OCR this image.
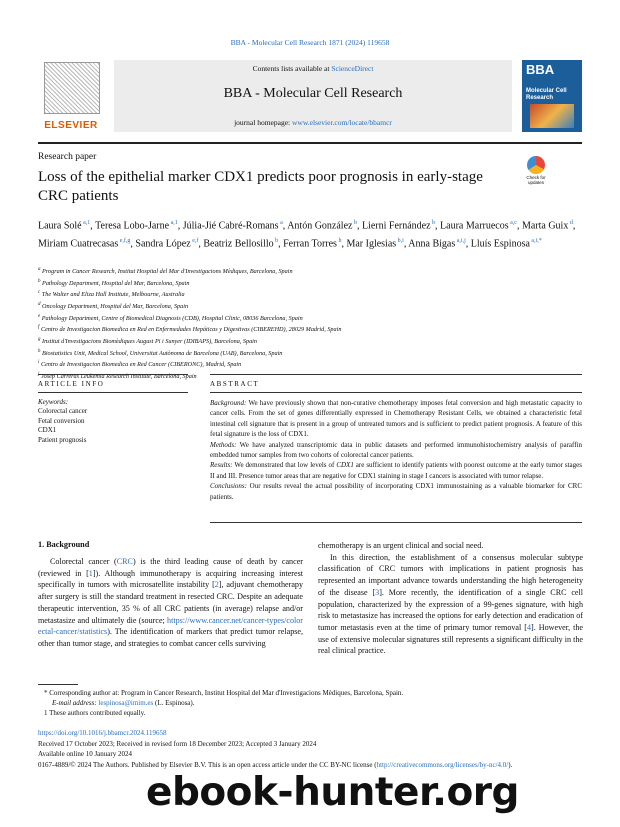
BBA - Molecular Cell Research 1871 (2024) 119658
ELSEVIER
Contents lists available at ScienceDirect
BBA - Molecular Cell Research
journal homepage: www.elsevier.com/locate/bbamcr
BBA
Molecular Cell Research
Research paper
Loss of the epithelial marker CDX1 predicts poor prognosis in early-stage CRC patients
Check for updates
Laura Solé $^{a,1}$, Teresa Lobo-Jarne $^{a,1}$, Júlia-Jié Cabré-Romans $^a$, Antón González $^b$, Lierni Fernández $^b$, Laura Marruecos $^{a,c}$, Marta Guix $^d$, Miriam Cuatrecasas $^{e,f,g}$, Sandra López $^{e,f}$, Beatriz Bellosillo $^b$, Ferran Torres $^h$, Mar Iglesias $^{b,i}$, Anna Bigas $^{a,i,j}$, Lluís Espinosa $^{a,i,*}$
$^a$ Program in Cancer Research, Institut Hospital del Mar d'Investigacions Mèdiques, Barcelona, Spain
$^b$ Pathology Department, Hospital del Mar, Barcelona, Spain
$^c$ The Walter and Eliza Hall Institute, Melbourne, Australia
$^d$ Oncology Department, Hospital del Mar, Barcelona, Spain
$^e$ Pathology Department, Centre of Biomedical Diagnosis (CDB), Hospital Clinic, 08036 Barcelona, Spain
$^f$ Centro de Investigacion Biomedica en Red en Enfermedades Hepáticas y Digestivas (CIBEREHD), 28029 Madrid, Spain
$^g$ Institut d'Investigacions Biomèdiques August Pi i Sunyer (IDIBAPS), Barcelona, Spain
$^h$ Biostatistics Unit, Medical School, Universitat Autònoma de Barcelona (UAB), Barcelona, Spain
$^i$ Centro de Investigacion Biomedica en Red Cancer (CIBERONC), Madrid, Spain
Josep Carreras Leukemia Research Institute, Barcelona, Spain
ARTICLE INFO	ABSTRACT
Keywords:
Colorectal cancer
Fetal conversion
CDX1
Patient prognosis
Background: We have previously shown that non-curative chemotherapy imposes fetal conversion and high metastatic capacity to cancer cells. From the set of genes differentially expressed in Chemotherapy Resistant Cells, we obtained a characteristic fetal intestinal cell signature that is present in a group of untreated tumors and is sufficient to predict patient prognosis. A feature of this fetal signature is the loss of CDX1.
Methods: We have analyzed transcriptomic data in public datasets and performed immunohistochemistry analysis of paraffin embedded tumor samples from two cohorts of colorectal cancer patients.
Results: We demonstrated that low levels of CDX1 are sufficient to identify patients with poorest outcome at the early tumor stages II and III. Presence tumor areas that are negative for CDX1 staining in stage I cancers is associated with tumor relapse.
Conclusions: Our results reveal the actual possibility of incorporating CDX1 immunostaining as a valuable biomarker for CRC patients.
1. Background

Colorectal cancer (CRC) is the third leading cause of death by cancer (reviewed in [1]). Although immunotherapy is acquiring increasing interest specifically in tumors with microsatellite instability [2], adjuvant chemotherapy after surgery is still the standard treatment in resected CRC. Despite an adequate therapeutic intervention, 35 % of all CRC patients (in average) relapse and/or metastasize and ultimately die (source; https://www.cancer.net/cancer-types/colorectal-cancer/statistics). The identification of markers that predict tumor relapse, other than tumor stage, and strategies to combat cancer cells surviving

chemotherapy is an urgent clinical and social need.

In this direction, the establishment of a consensus molecular subtype classification of CRC tumors with implications in patient prognosis has represented an important advance towards understanding the high heterogeneity of the disease [3]. More recently, the identification of a single CRC cell population, characterized by the expression of a 99-genes signature, with high risk to metastasize has increased the options for early detection and eradication of tumor metastasis even at the time of primary tumor removal [4]. However, the use of extensive molecular signatures still represents a significant difficulty in the real clinical practice.

* Corresponding author at: Program in Cancer Research, Institut Hospital del Mar d'Investigacions Mèdiques, Barcelona, Spain.
E-mail address: lespinosa@imim.es (L. Espinosa).
1 These authors contributed equally.
https://doi.org/10.1016/j.bbamcr.2024.119658
Received 17 October 2023; Received in revised form 18 December 2023; Accepted 3 January 2024
Available online 10 January 2024
0167-4889/© 2024 The Authors. Published by Elsevier B.V. This is an open access article under the CC BY-NC license (http://creativecommons.org/licenses/by-nc/4.0/).
ebook-hunter.org
